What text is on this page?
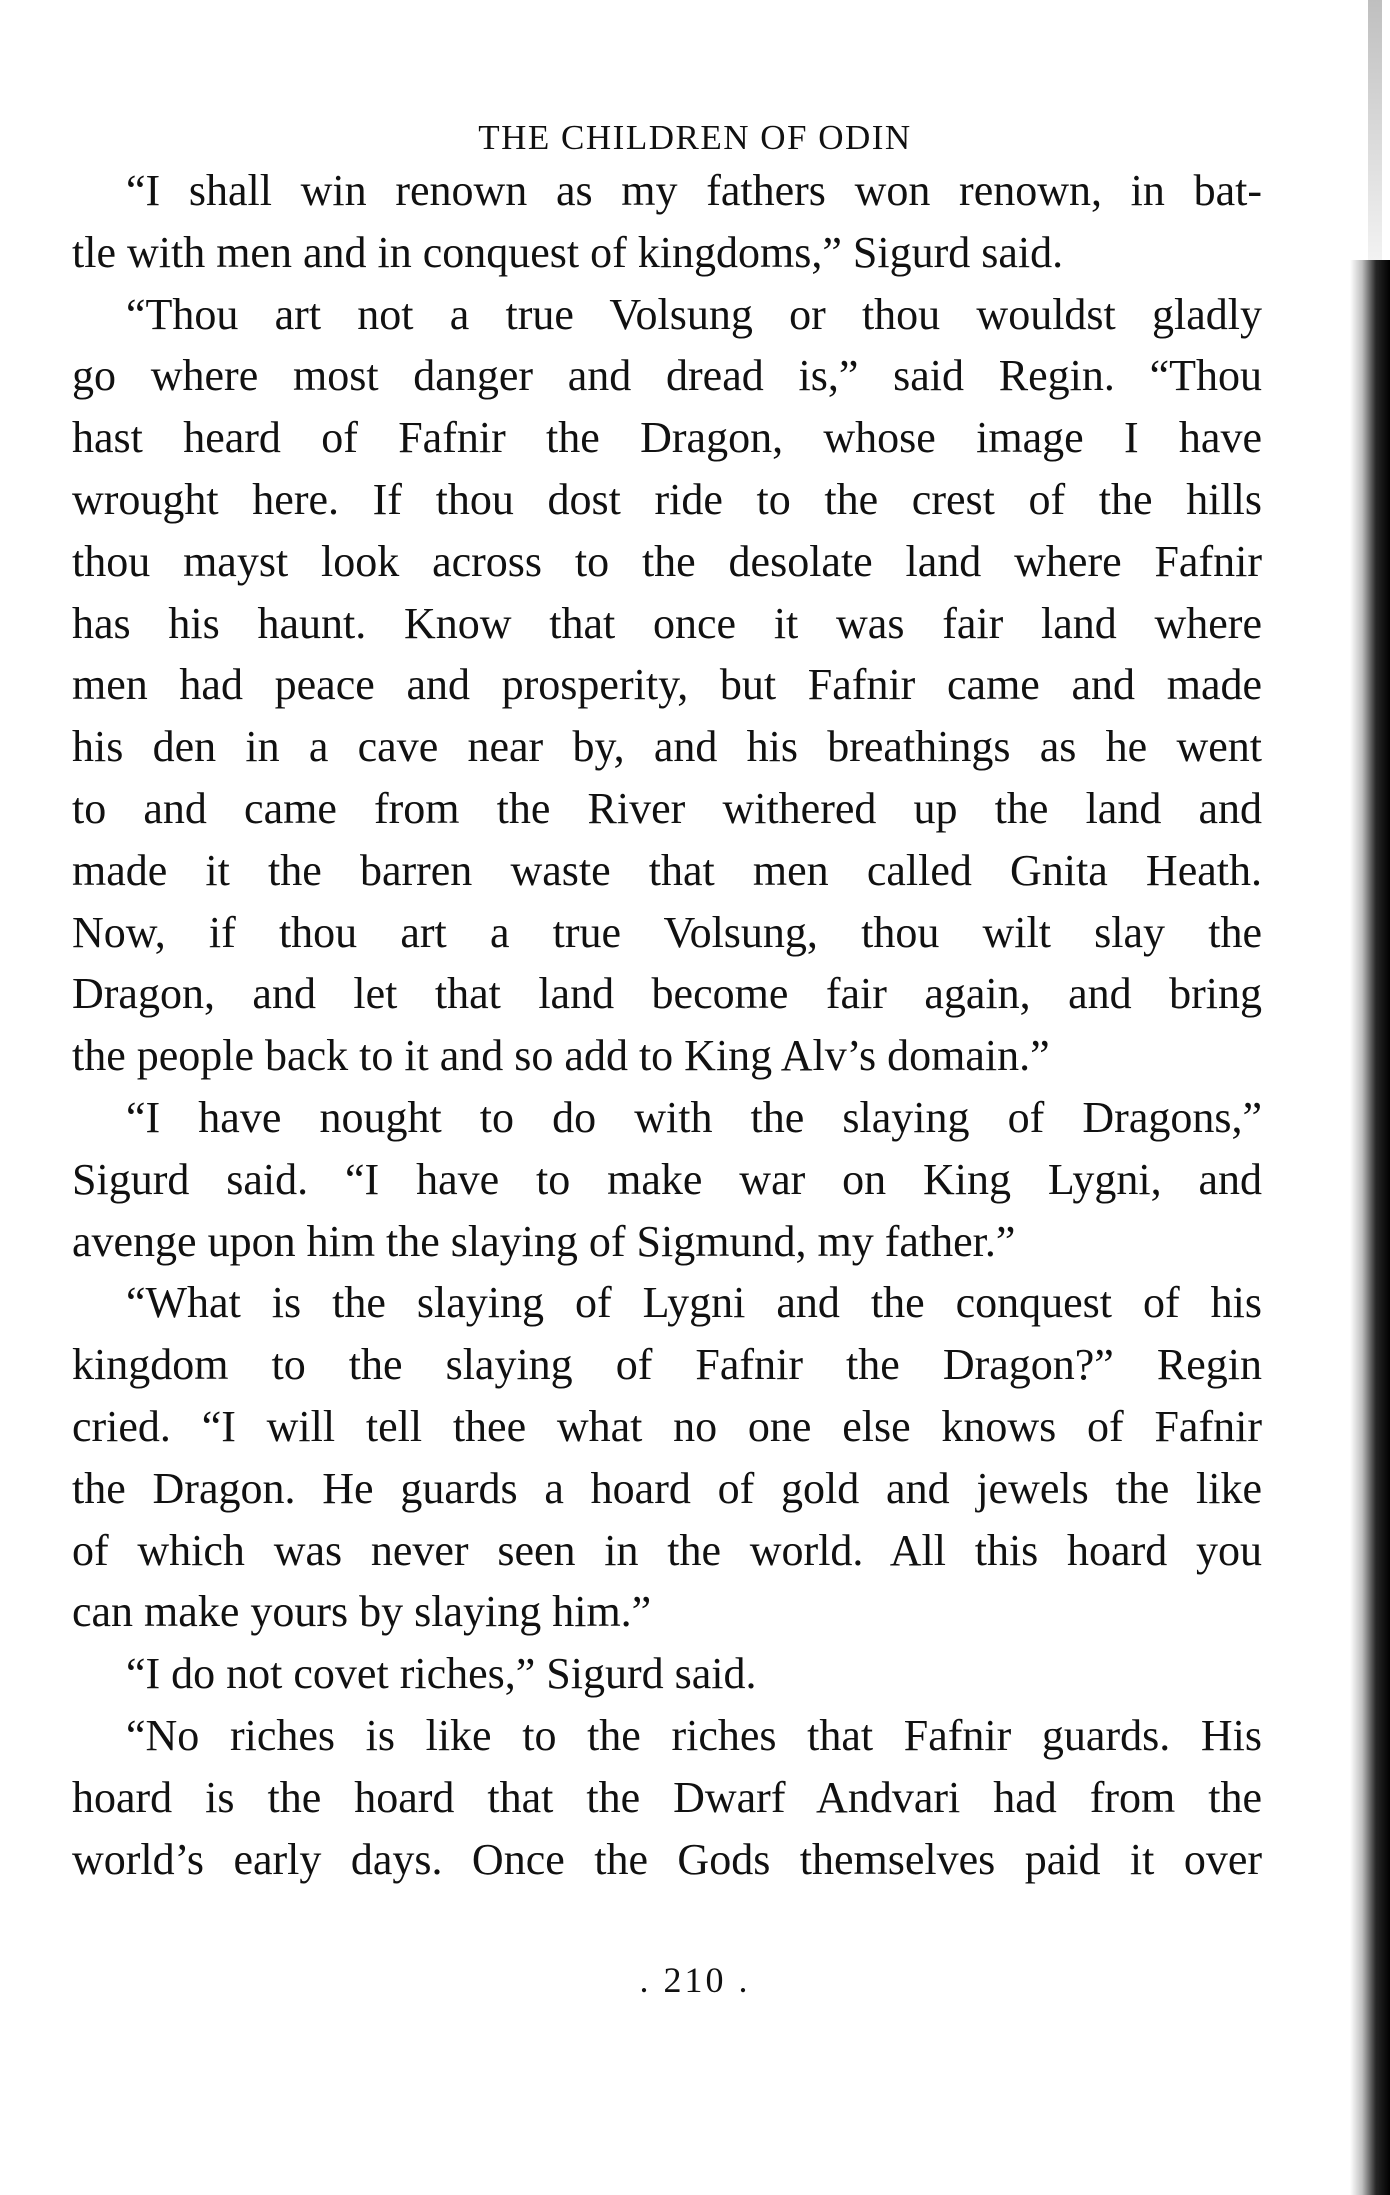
THE CHILDREN OF ODIN
“I shall win renown as my fathers won renown, in bat-
tle with men and in conquest of kingdoms,” Sigurd said.
“Thou art not a true Volsung or thou wouldst gladly
go where most danger and dread is,” said Regin. “Thou
hast heard of Fafnir the Dragon, whose image I have
wrought here. If thou dost ride to the crest of the hills
thou mayst look across to the desolate land where Fafnir
has his haunt. Know that once it was fair land where
men had peace and prosperity, but Fafnir came and made
his den in a cave near by, and his breathings as he went
to and came from the River withered up the land and
made it the barren waste that men called Gnita Heath.
Now, if thou art a true Volsung, thou wilt slay the
Dragon, and let that land become fair again, and bring
the people back to it and so add to King Alv’s domain.”
“I have nought to do with the slaying of Dragons,”
Sigurd said. “I have to make war on King Lygni, and
avenge upon him the slaying of Sigmund, my father.”
“What is the slaying of Lygni and the conquest of his
kingdom to the slaying of Fafnir the Dragon?” Regin
cried. “I will tell thee what no one else knows of Fafnir
the Dragon. He guards a hoard of gold and jewels the like
of which was never seen in the world. All this hoard you
can make yours by slaying him.”
“I do not covet riches,” Sigurd said.
“No riches is like to the riches that Fafnir guards. His
hoard is the hoard that the Dwarf Andvari had from the
world’s early days. Once the Gods themselves paid it over
. 210 .
